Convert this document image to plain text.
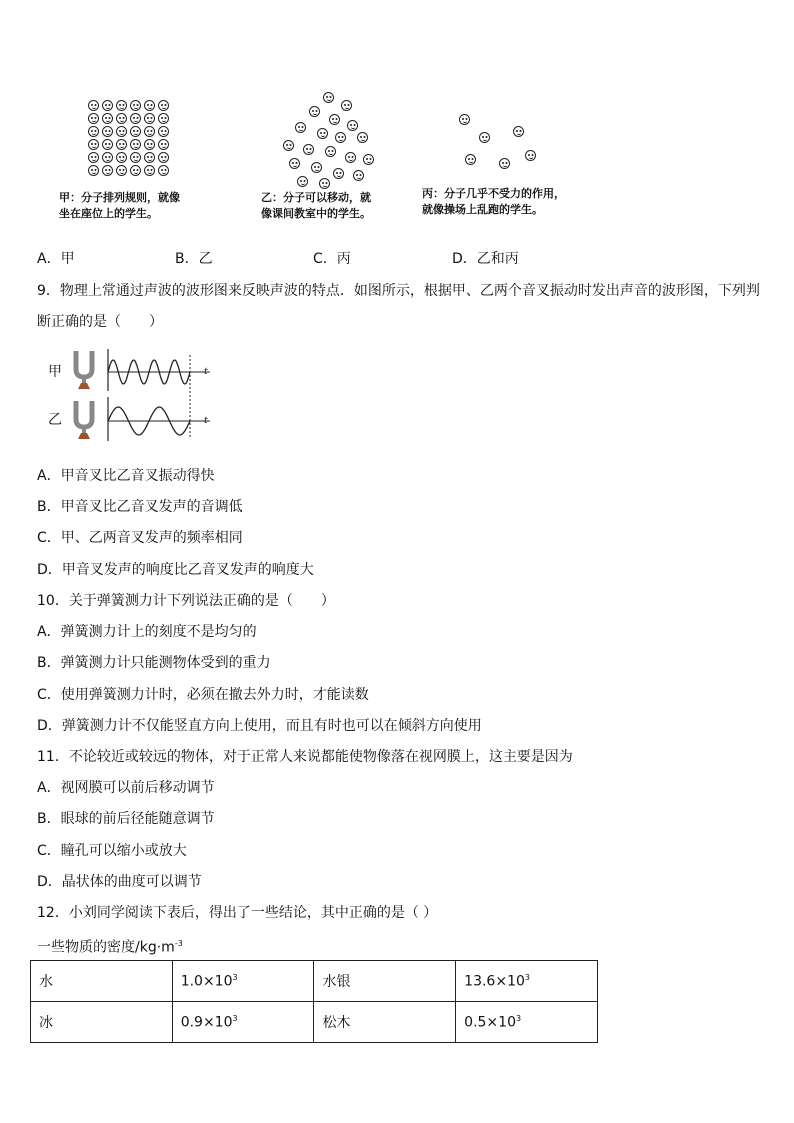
甲：分子排列规则，就像
坐在座位上的学生。
乙：分子可以移动，就
像课间教室中的学生。
丙：分子几乎不受力的作用，
就像操场上乱跑的学生。
A．甲	B．乙	C．丙	D．乙和丙
9．物理上常通过声波的波形图来反映声波的特点．如图所示，根据甲、乙两个音叉振动时发出声音的波形图，下列判
断正确的是（　　）
甲
乙
t
t
A．甲音叉比乙音叉振动得快
B．甲音叉比乙音叉发声的音调低
C．甲、乙两音叉发声的频率相同
D．甲音叉发声的响度比乙音叉发声的响度大
10．关于弹簧测力计下列说法正确的是（　　）
A．弹簧测力计上的刻度不是均匀的
B．弹簧测力计只能测物体受到的重力
C．使用弹簧测力计时，必须在撤去外力时，才能读数
D．弹簧测力计不仅能竖直方向上使用，而且有时也可以在倾斜方向使用
11．不论较近或较远的物体，对于正常人来说都能使物像落在视网膜上，这主要是因为
A．视网膜可以前后移动调节
B．眼球的前后径能随意调节
C．瞳孔可以缩小或放大
D．晶状体的曲度可以调节
12．小刘同学阅读下表后，得出了一些结论，其中正确的是（ ）
一些物质的密度$/kg\cdot m^{-3}$
水	$1.0\times 10^3$	水银	$13.6\times 10^3$
冰	$0.9\times 10^3$	松木	$0.5\times 10^3$
